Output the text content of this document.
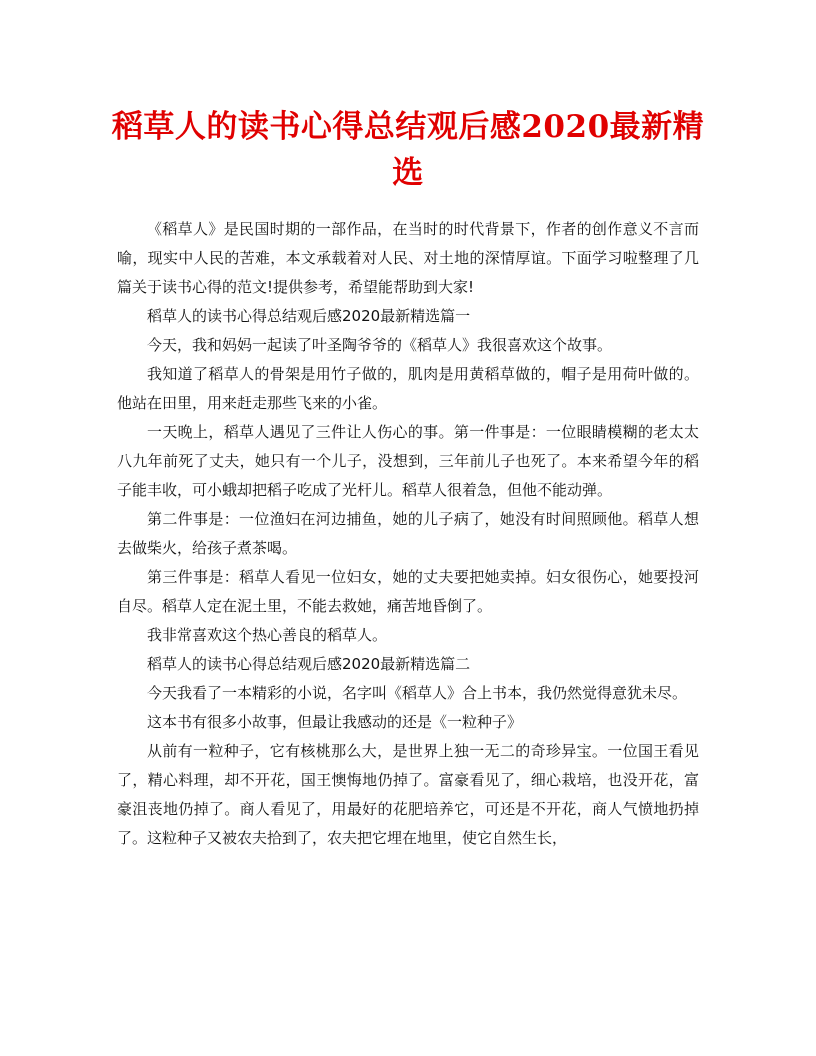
稻草人的读书心得总结观后感2020最新精选

《稻草人》是民国时期的一部作品，在当时的时代背景下，作者的创作意义不言而喻，现实中人民的苦难，本文承载着对人民、对土地的深情厚谊。下面学习啦整理了几篇关于读书心得的范文!提供参考，希望能帮助到大家!

稻草人的读书心得总结观后感2020最新精选篇一

今天，我和妈妈一起读了叶圣陶爷爷的《稻草人》我很喜欢这个故事。

我知道了稻草人的骨架是用竹子做的，肌肉是用黄稻草做的，帽子是用荷叶做的。他站在田里，用来赶走那些飞来的小雀。

一天晚上，稻草人遇见了三件让人伤心的事。第一件事是：一位眼睛模糊的老太太八九年前死了丈夫，她只有一个儿子，没想到，三年前儿子也死了。本来希望今年的稻子能丰收，可小蛾却把稻子吃成了光杆儿。稻草人很着急，但他不能动弹。

第二件事是：一位渔妇在河边捕鱼，她的儿子病了，她没有时间照顾他。稻草人想去做柴火，给孩子煮茶喝。

第三件事是：稻草人看见一位妇女，她的丈夫要把她卖掉。妇女很伤心，她要投河自尽。稻草人定在泥土里，不能去救她，痛苦地昏倒了。

我非常喜欢这个热心善良的稻草人。

稻草人的读书心得总结观后感2020最新精选篇二

今天我看了一本精彩的小说，名字叫《稻草人》合上书本，我仍然觉得意犹未尽。

这本书有很多小故事，但最让我感动的还是《一粒种子》

从前有一粒种子，它有核桃那么大，是世界上独一无二的奇珍异宝。一位国王看见了，精心料理，却不开花，国王懊悔地仍掉了。富豪看见了，细心栽培，也没开花，富豪沮丧地仍掉了。商人看见了，用最好的花肥培养它，可还是不开花，商人气愤地扔掉了。这粒种子又被农夫拾到了，农夫把它埋在地里，使它自然生长，
